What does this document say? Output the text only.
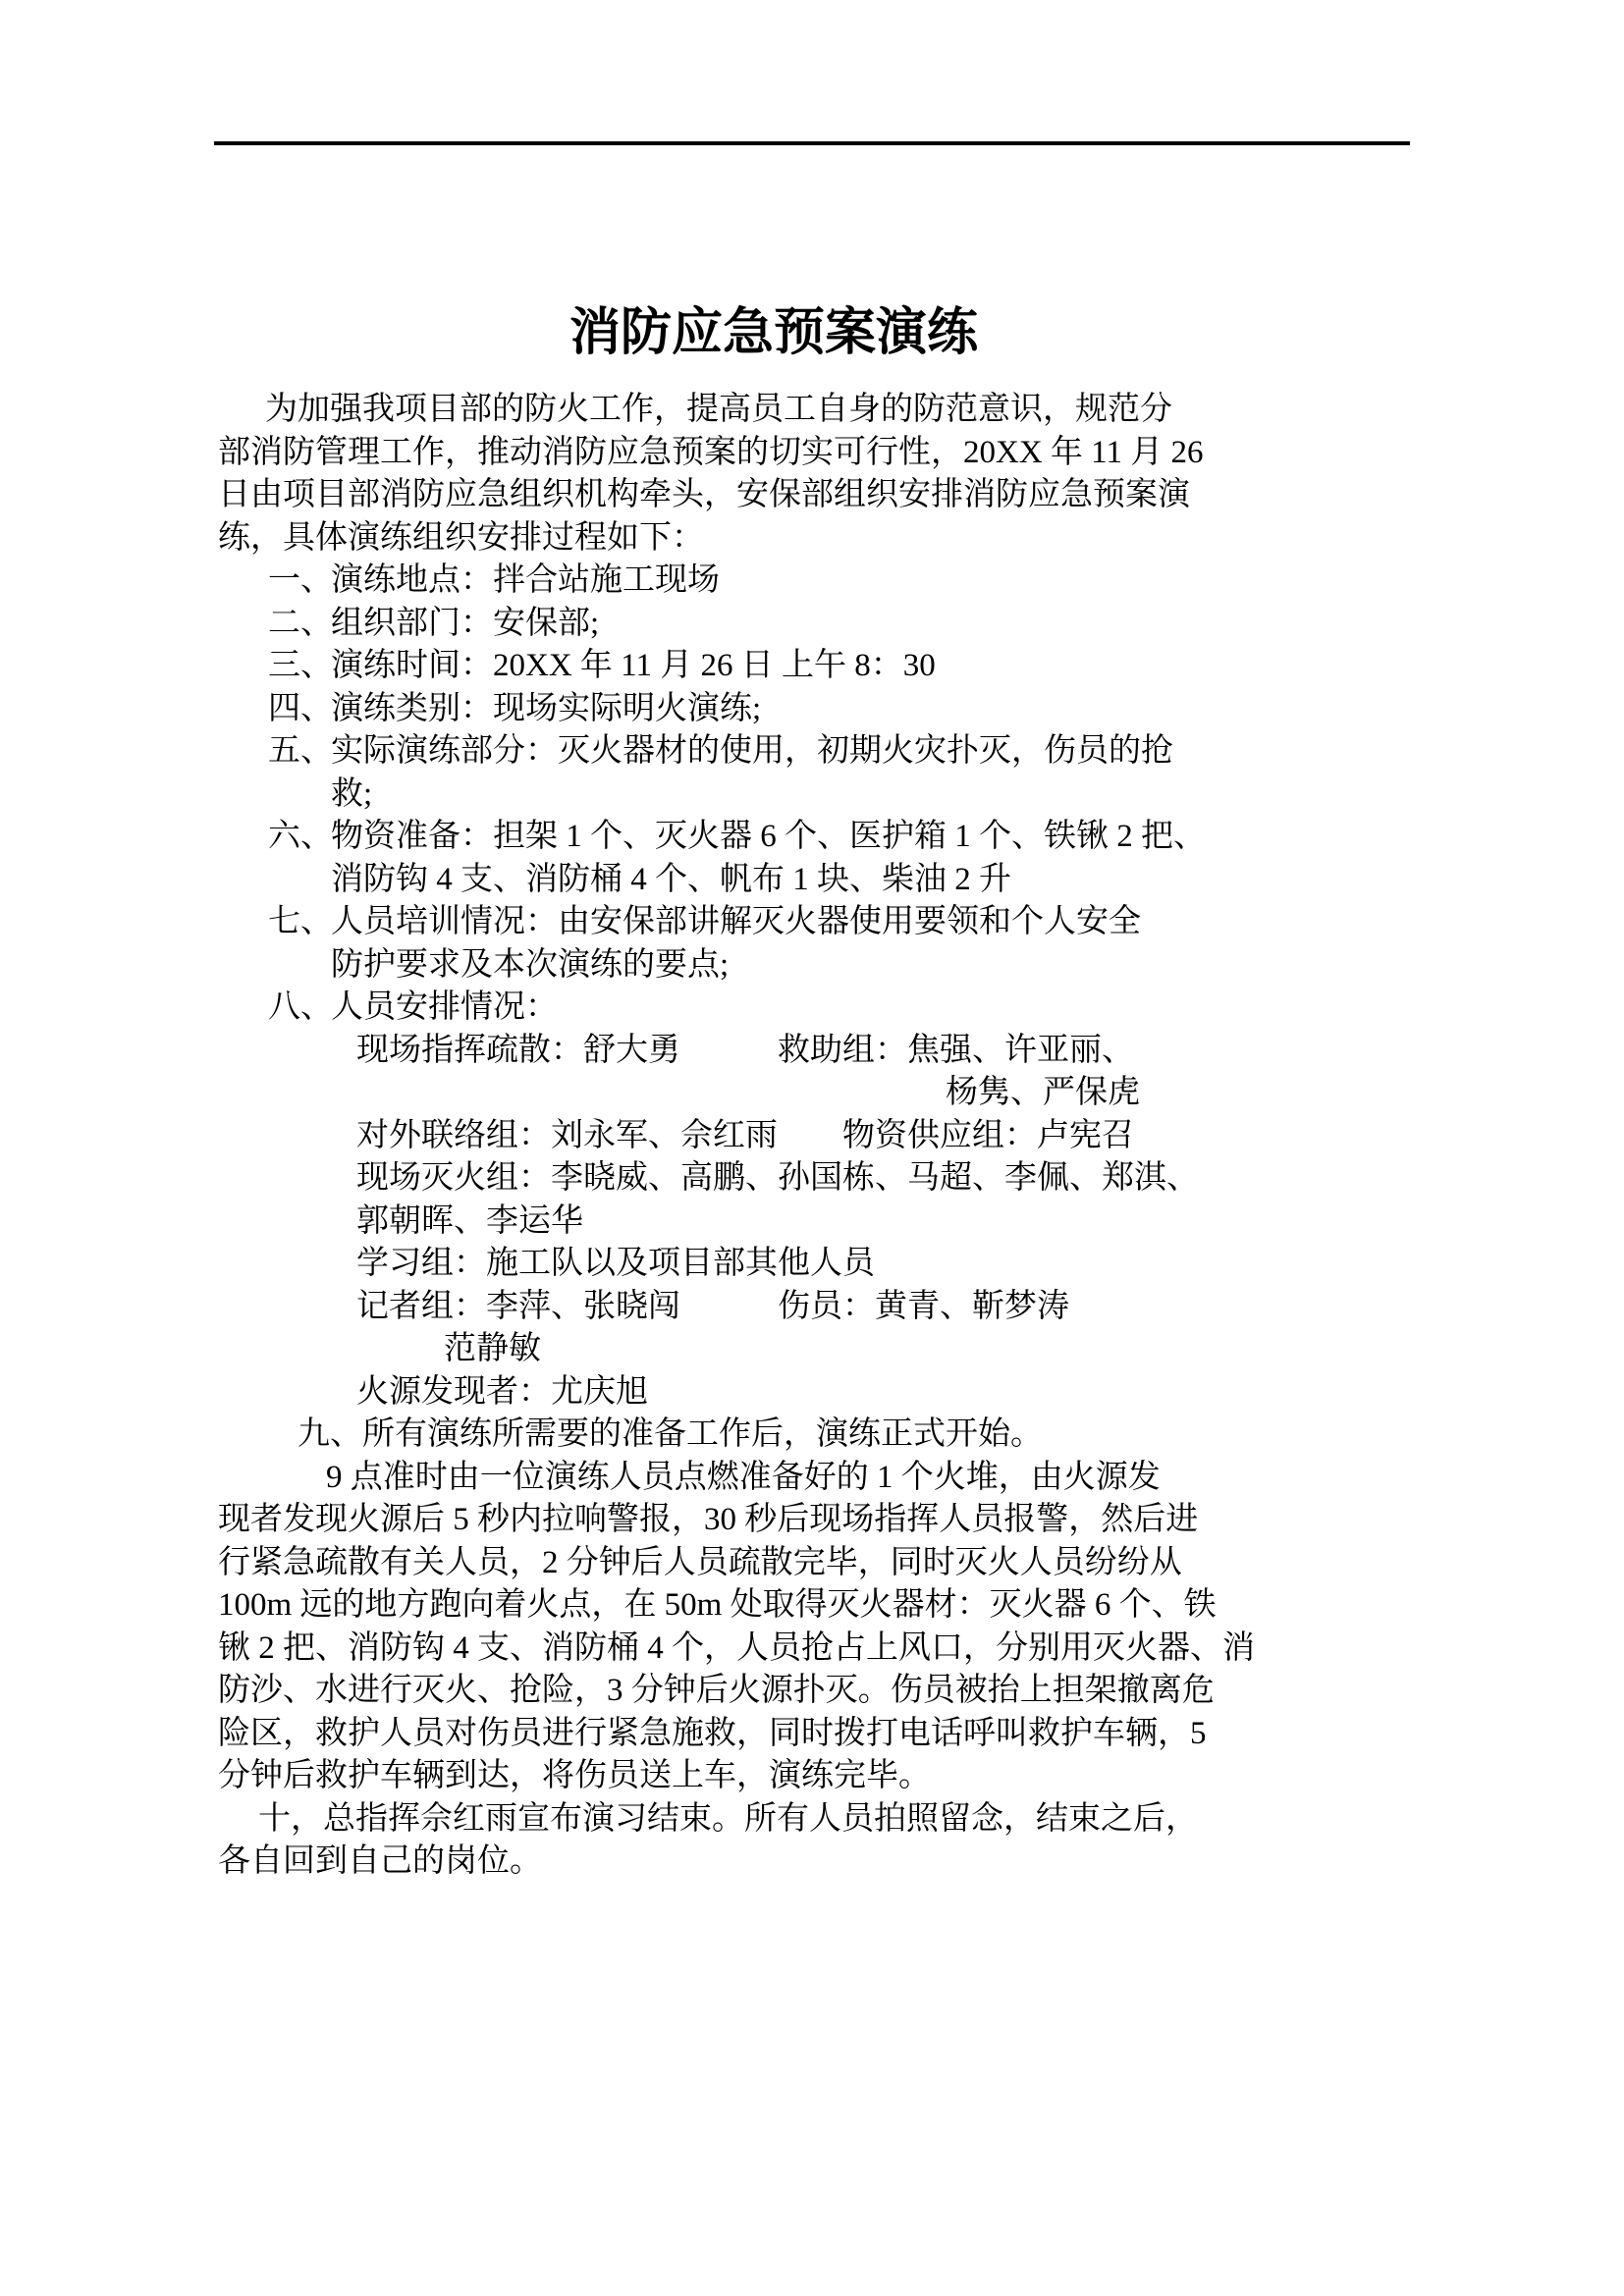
消防应急预案演练
为加强我项目部的防火工作，提高员工自身的防范意识，规范分
部消防管理工作，推动消防应急预案的切实可行性，20XX 年 11 月 26
日由项目部消防应急组织机构牵头，安保部组织安排消防应急预案演
练，具体演练组织安排过程如下：
一、
演练地点：拌合站施工现场
二、
组织部门：安保部;
三、
演练时间：20XX 年 11 月 26 日 上午 8：30
四、
演练类别：现场实际明火演练;
五、
实际演练部分：灭火器材的使用，初期火灾扑灭，伤员的抢
救;
六、
物资准备：担架 1 个、灭火器 6 个、医护箱 1 个、铁锹 2 把、
消防钩 4 支、消防桶 4 个、帆布 1 块、柴油 2 升
七、
人员培训情况：由安保部讲解灭火器使用要领和个人安全
防护要求及本次演练的要点;
八、
人员安排情况：
现场指挥疏散：舒大勇　　　救助组：焦强、许亚丽、
杨隽、严保虎
对外联络组：刘永军、佘红雨　　物资供应组：卢宪召
现场灭火组：李晓威、高鹏、孙国栋、马超、李佩、郑淇、
郭朝晖、李运华
学习组：施工队以及项目部其他人员
记者组：李萍、张晓闯　　　伤员：黄青、靳梦涛
范静敏
火源发现者：尤庆旭
九、所有演练所需要的准备工作后，演练正式开始。
9 点准时由一位演练人员点燃准备好的 1 个火堆，由火源发
现者发现火源后 5 秒内拉响警报，30 秒后现场指挥人员报警，然后进
行紧急疏散有关人员，2 分钟后人员疏散完毕，同时灭火人员纷纷从
100m 远的地方跑向着火点，在 50m 处取得灭火器材：灭火器 6 个、铁
锹 2 把、消防钩 4 支、消防桶 4 个，人员抢占上风口，分别用灭火器、消
防沙、水进行灭火、抢险，3 分钟后火源扑灭。伤员被抬上担架撤离危
险区，救护人员对伤员进行紧急施救，同时拨打电话呼叫救护车辆，5
分钟后救护车辆到达，将伤员送上车，演练完毕。
十，总指挥佘红雨宣布演习结束。所有人员拍照留念，结束之后，
各自回到自己的岗位。
